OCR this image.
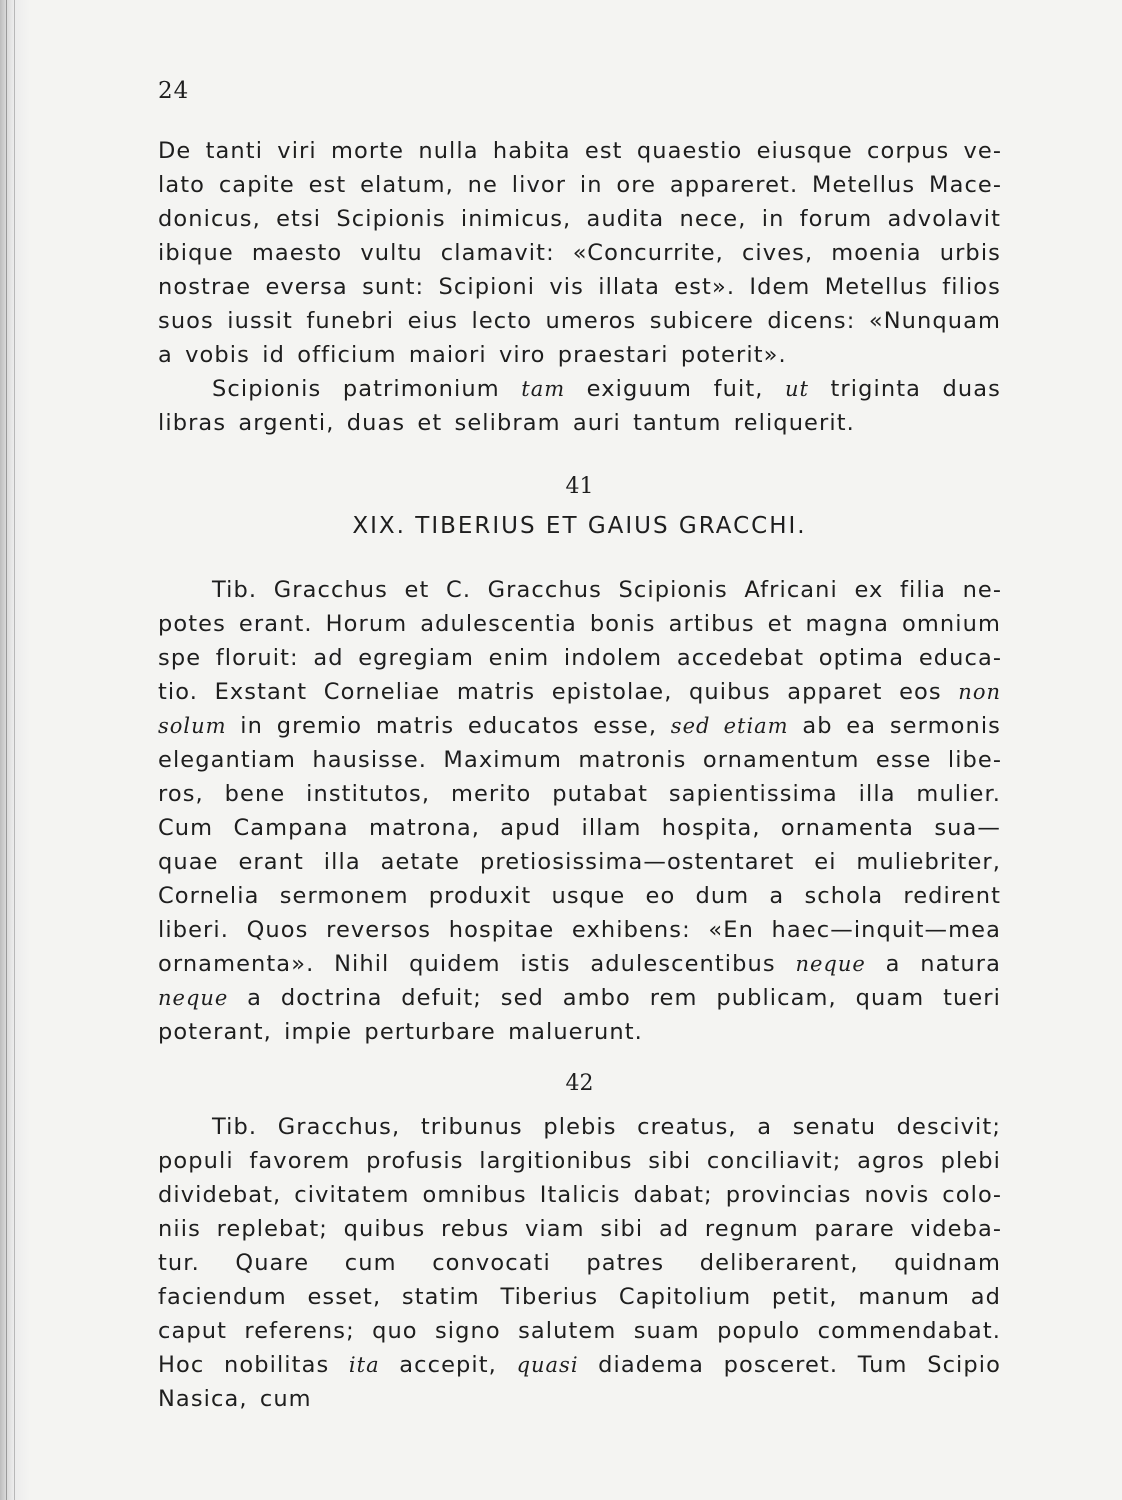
24

De tanti viri morte nulla habita est quaestio eiusque corpus velato capite est elatum, ne livor in ore appareret. Metellus Macedonicus, etsi Scipionis inimicus, audita nece, in forum advolavit ibique maesto vultu clamavit: «Concurrite, cives, moenia urbis nostrae eversa sunt: Scipioni vis illata est». Idem Metellus filios suos iussit funebri eius lecto umeros subicere dicens: «Nunquam a vobis id officium maiori viro praestari poterit».

Scipionis patrimonium tam exiguum fuit, ut triginta duas libras argenti, duas et selibram auri tantum reliquerit.

41
XIX. TIBERIUS ET GAIUS GRACCHI.

Tib. Gracchus et C. Gracchus Scipionis Africani ex filia nepotes erant. Horum adulescentia bonis artibus et magna omnium spe floruit: ad egregiam enim indolem accedebat optima educatio. Exstant Corneliae matris epistolae, quibus apparet eos non solum in gremio matris educatos esse, sed etiam ab ea sermonis elegantiam hausisse. Maximum matronis ornamentum esse liberos, bene institutos, merito putabat sapientissima illa mulier. Cum Campana matrona, apud illam hospita, ornamenta sua—quae erant illa aetate pretiosissima—ostentaret ei muliebriter, Cornelia sermonem produxit usque eo dum a schola redirent liberi. Quos reversos hospitae exhibens: «En haec—inquit—mea ornamenta». Nihil quidem istis adulescentibus neque a natura neque a doctrina defuit; sed ambo rem publicam, quam tueri poterant, impie perturbare maluerunt.

42

Tib. Gracchus, tribunus plebis creatus, a senatu descivit; populi favorem profusis largitionibus sibi conciliavit; agros plebi dividebat, civitatem omnibus Italicis dabat; provincias novis coloniis replebat; quibus rebus viam sibi ad regnum parare videbatur. Quare cum convocati patres deliberarent, quidnam faciendum esset, statim Tiberius Capitolium petit, manum ad caput referens; quo signo salutem suam populo commendabat. Hoc nobilitas ita accepit, quasi diadema posceret. Tum Scipio Nasica, cum
